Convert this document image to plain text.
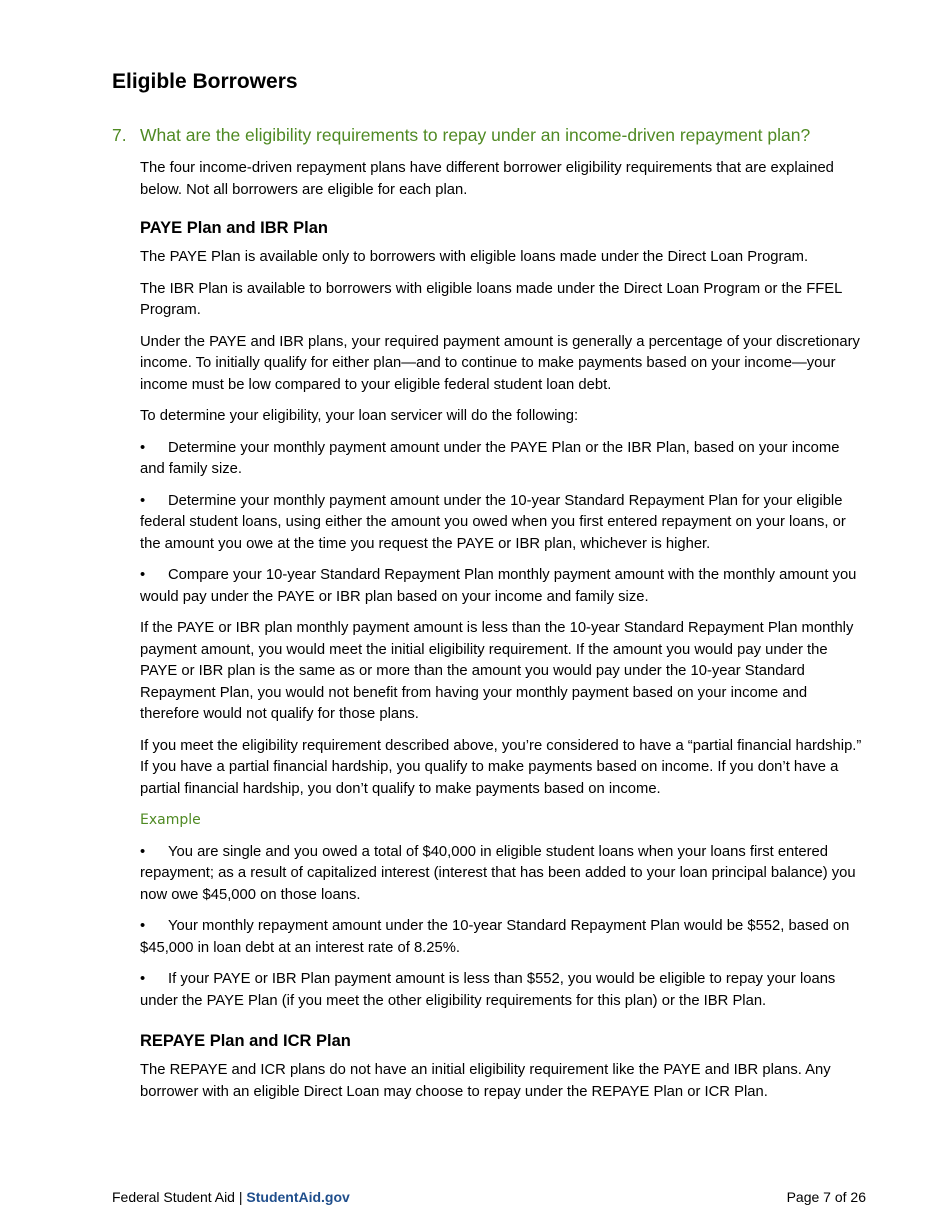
Eligible Borrowers
7. What are the eligibility requirements to repay under an income-driven repayment plan?

The four income-driven repayment plans have different borrower eligibility requirements that are explained below. Not all borrowers are eligible for each plan.

PAYE Plan and IBR Plan

The PAYE Plan is available only to borrowers with eligible loans made under the Direct Loan Program.

The IBR Plan is available to borrowers with eligible loans made under the Direct Loan Program or the FFEL Program.

Under the PAYE and IBR plans, your required payment amount is generally a percentage of your discretionary income. To initially qualify for either plan—and to continue to make payments based on your income—your income must be low compared to your eligible federal student loan debt.

To determine your eligibility, your loan servicer will do the following:

• Determine your monthly payment amount under the PAYE Plan or the IBR Plan, based on your income and family size.

• Determine your monthly payment amount under the 10-year Standard Repayment Plan for your eligible federal student loans, using either the amount you owed when you first entered repayment on your loans, or the amount you owe at the time you request the PAYE or IBR plan, whichever is higher.

• Compare your 10-year Standard Repayment Plan monthly payment amount with the monthly amount you would pay under the PAYE or IBR plan based on your income and family size.

If the PAYE or IBR plan monthly payment amount is less than the 10-year Standard Repayment Plan monthly payment amount, you would meet the initial eligibility requirement. If the amount you would pay under the PAYE or IBR plan is the same as or more than the amount you would pay under the 10-year Standard Repayment Plan, you would not benefit from having your monthly payment based on your income and therefore would not qualify for those plans.

If you meet the eligibility requirement described above, you’re considered to have a “partial financial hardship.” If you have a partial financial hardship, you qualify to make payments based on income. If you don’t have a partial financial hardship, you don’t qualify to make payments based on income.

Example

• You are single and you owed a total of $40,000 in eligible student loans when your loans first entered repayment; as a result of capitalized interest (interest that has been added to your loan principal balance) you now owe $45,000 on those loans.

• Your monthly repayment amount under the 10-year Standard Repayment Plan would be $552, based on $45,000 in loan debt at an interest rate of 8.25%.

• If your PAYE or IBR Plan payment amount is less than $552, you would be eligible to repay your loans under the PAYE Plan (if you meet the other eligibility requirements for this plan) or the IBR Plan.

REPAYE Plan and ICR Plan

The REPAYE and ICR plans do not have an initial eligibility requirement like the PAYE and IBR plans. Any borrower with an eligible Direct Loan may choose to repay under the REPAYE Plan or ICR Plan.

Federal Student Aid | StudentAid.gov	Page 7 of 26
